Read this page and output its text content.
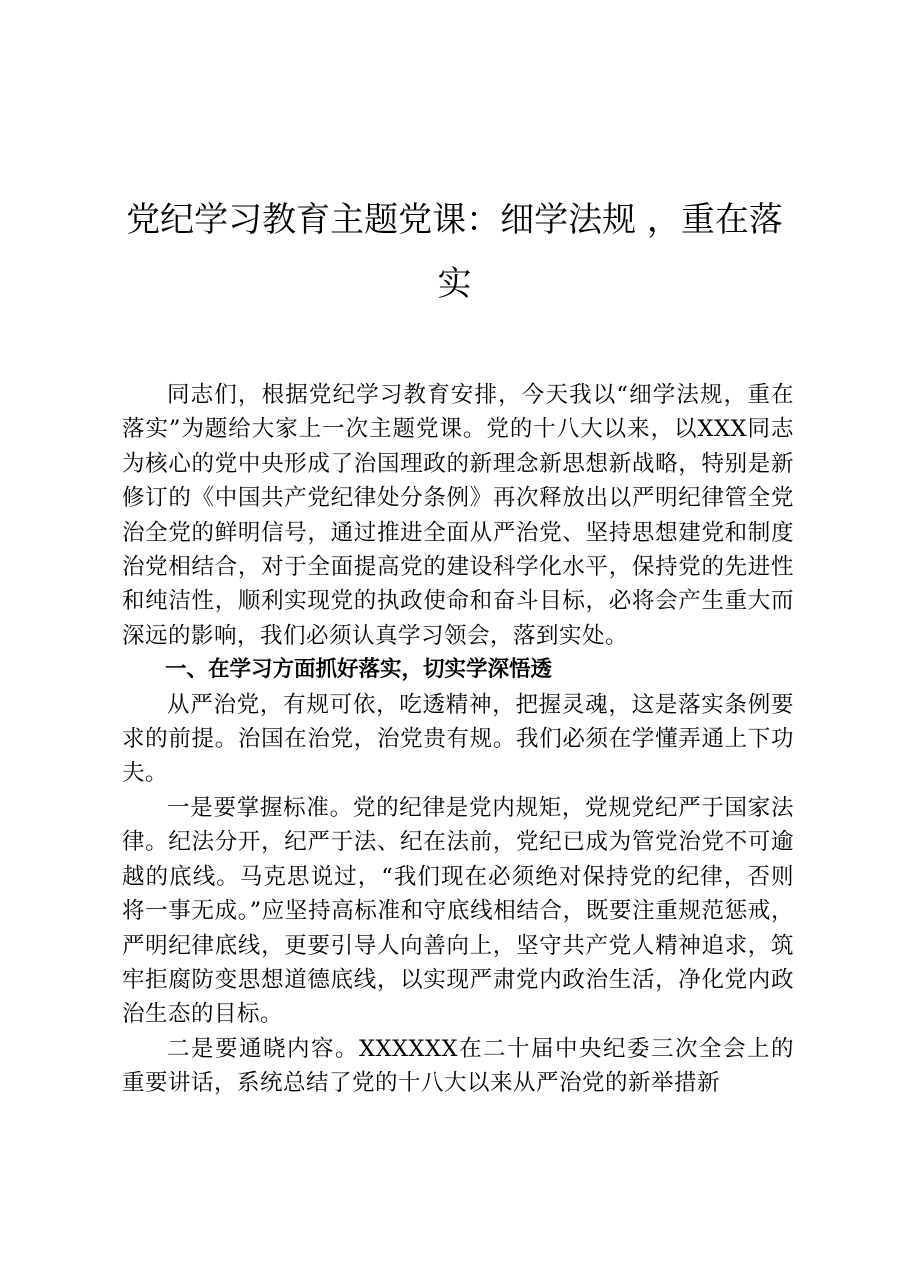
党纪学习教育主题党课：细学法规 ，重在落实

同志们，根据党纪学习教育安排，今天我以“细学法规，重在落实”为题给大家上一次主题党课。党的十八大以来，以XXX同志为核心的党中央形成了治国理政的新理念新思想新战略，特别是新修订的《中国共产党纪律处分条例》再次释放出以严明纪律管全党治全党的鲜明信号，通过推进全面从严治党、坚持思想建党和制度治党相结合，对于全面提高党的建设科学化水平，保持党的先进性和纯洁性，顺利实现党的执政使命和奋斗目标，必将会产生重大而深远的影响，我们必须认真学习领会，落到实处。

一、在学习方面抓好落实，切实学深悟透

从严治党，有规可依，吃透精神，把握灵魂，这是落实条例要求的前提。治国在治党，治党贵有规。我们必须在学懂弄通上下功夫。

一是要掌握标准。党的纪律是党内规矩，党规党纪严于国家法律。纪法分开，纪严于法、纪在法前，党纪已成为管党治党不可逾越的底线。马克思说过，“我们现在必须绝对保持党的纪律，否则将一事无成。”应坚持高标准和守底线相结合，既要注重规范惩戒，严明纪律底线，更要引导人向善向上，坚守共产党人精神追求，筑牢拒腐防变思想道德底线，以实现严肃党内政治生活，净化党内政治生态的目标。

二是要通晓内容。XXXXXX在二十届中央纪委三次全会上的重要讲话，系统总结了党的十八大以来从严治党的新举措新
